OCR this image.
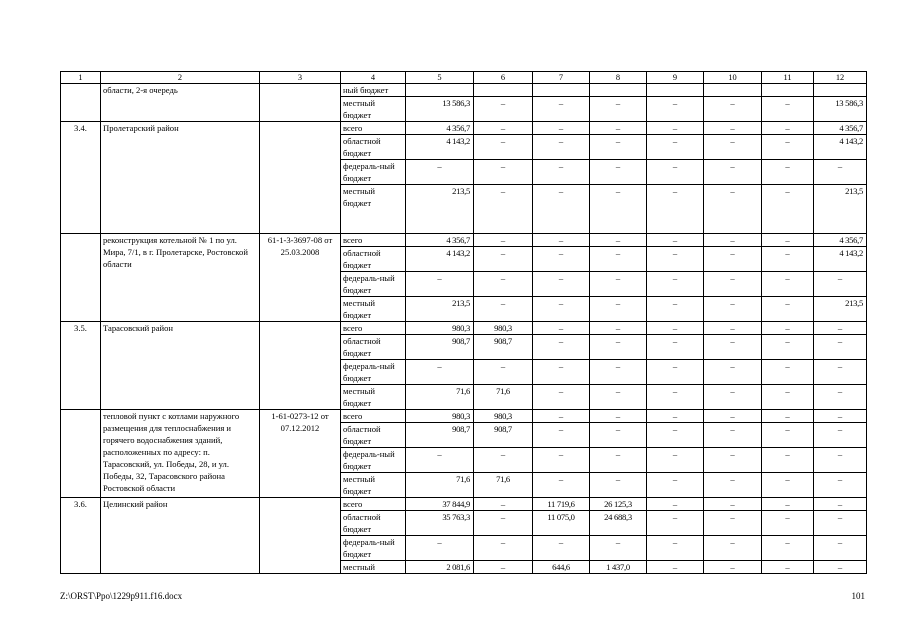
1	2	3	4	5	6	7	8	9	10	11	12
	области, 2-я очередь		ный бюджет								
			местный бюджет	13 586,3	–	–	–	–	–	–	13 586,3
3.4.	Пролетарский район		всего	4 356,7	–	–	–	–	–	–	4 356,7
			областной бюджет	4 143,2	–	–	–	–	–	–	4 143,2
			федераль-ный бюджет	–	–	–	–	–	–	–	–
			местный бюджет	213,5	–	–	–	–	–	–	213,5
	реконструкция котельной № 1 по ул. Мира, 7/1, в г. Пролетарске, Ростовской области	61-1-3-3697-08 от 25.03.2008	всего	4 356,7	–	–	–	–	–	–	4 356,7
			областной бюджет	4 143,2	–	–	–	–	–	–	4 143,2
			федераль-ный бюджет	–	–	–	–	–	–	–	–
			местный бюджет	213,5	–	–	–	–	–	–	213,5
3.5.	Тарасовский район		всего	980,3	980,3	–	–	–	–	–	–
			областной бюджет	908,7	908,7	–	–	–	–	–	–
			федераль-ный бюджет	–	–	–	–	–	–	–	–
			местный бюджет	71,6	71,6	–	–	–	–	–	–
	тепловой пункт с котлами наружного размещения для теплоснабжения и горячего водоснабжения зданий, расположенных по адресу: п. Тарасовский, ул. Победы, 28, и ул. Победы, 32, Тарасовского района Ростовской области	1-61-0273-12 от 07.12.2012	всего	980,3	980,3	–	–	–	–	–	–
			областной бюджет	908,7	908,7	–	–	–	–	–	–
			федераль-ный бюджет	–	–	–	–	–	–	–	–
			местный бюджет	71,6	71,6	–	–	–	–	–	–
3.6.	Целинский район		всего	37 844,9	–	11 719,6	26 125,3	–	–	–	–
			областной бюджет	35 763,3	–	11 075,0	24 688,3	–	–	–	–
			федераль-ный бюджет	–	–	–	–	–	–	–	–
			местный	2 081,6	–	644,6	1 437,0	–	–	–	–
Z:\ORST\Ppo\1229p911.f16.docx	101
